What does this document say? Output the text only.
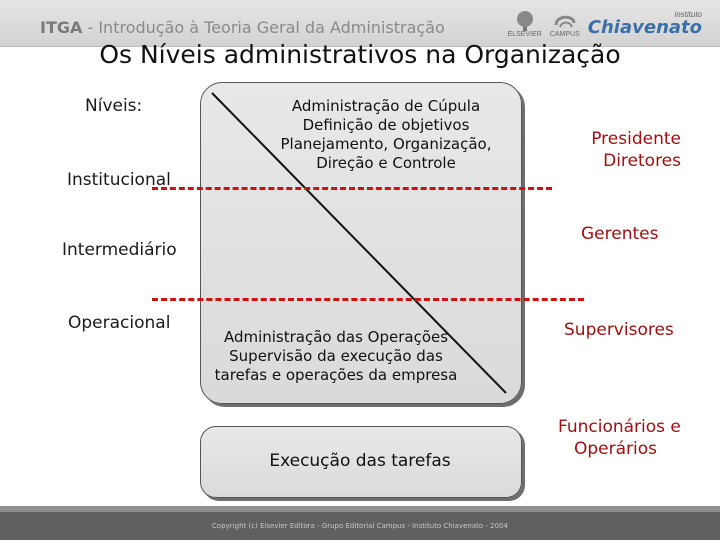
ITGA - Introdução à Teoria Geral da Administração	ELSEVIER CAMPUS
instituto
Chiavenato
Os Níveis administrativos na Organização
Níveis:
Institucional
Intermediário
Operacional
Administração de Cúpula
Definição de objetivos
Planejamento, Organização,
Direção e Controle
Administração das Operações
Supervisão da execução das
tarefas e operações da empresa
Execução das tarefas
Presidente
Diretores
Gerentes
Supervisores
Funcionários e
Operários
Copyright (c) Elsevier Editora - Grupo Editorial Campus - Instituto Chiavenato - 2004
